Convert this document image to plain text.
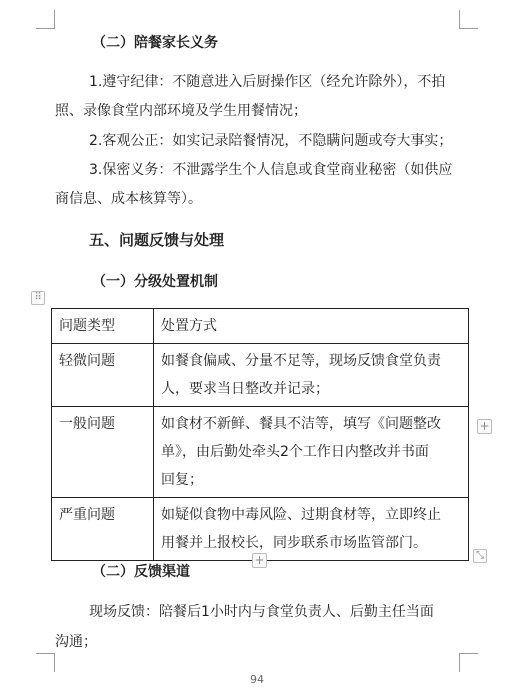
（二）陪餐家长义务
1.遵守纪律：不随意进入后厨操作区（经允许除外），不拍
照、录像食堂内部环境及学生用餐情况；
2.客观公正：如实记录陪餐情况，不隐瞒问题或夸大事实；
3.保密义务：不泄露学生个人信息或食堂商业秘密（如供应
商信息、成本核算等）。
五、问题反馈与处理
（一）分级处置机制
⠿
问题类型	处置方式
轻微问题	如餐食偏咸、分量不足等，现场反馈食堂负责
人，要求当日整改并记录；

一般问题	如食材不新鲜、餐具不洁等，填写《问题整改
单》，由后勤处牵头2个工作日内整改并书面
回复；

严重问题	如疑似食物中毒风险、过期食材等，立即终止
用餐并上报校长，同步联系市场监管部门。
+
+	⤡
（二）反馈渠道
现场反馈：陪餐后1小时内与食堂负责人、后勤主任当面
沟通；
94
